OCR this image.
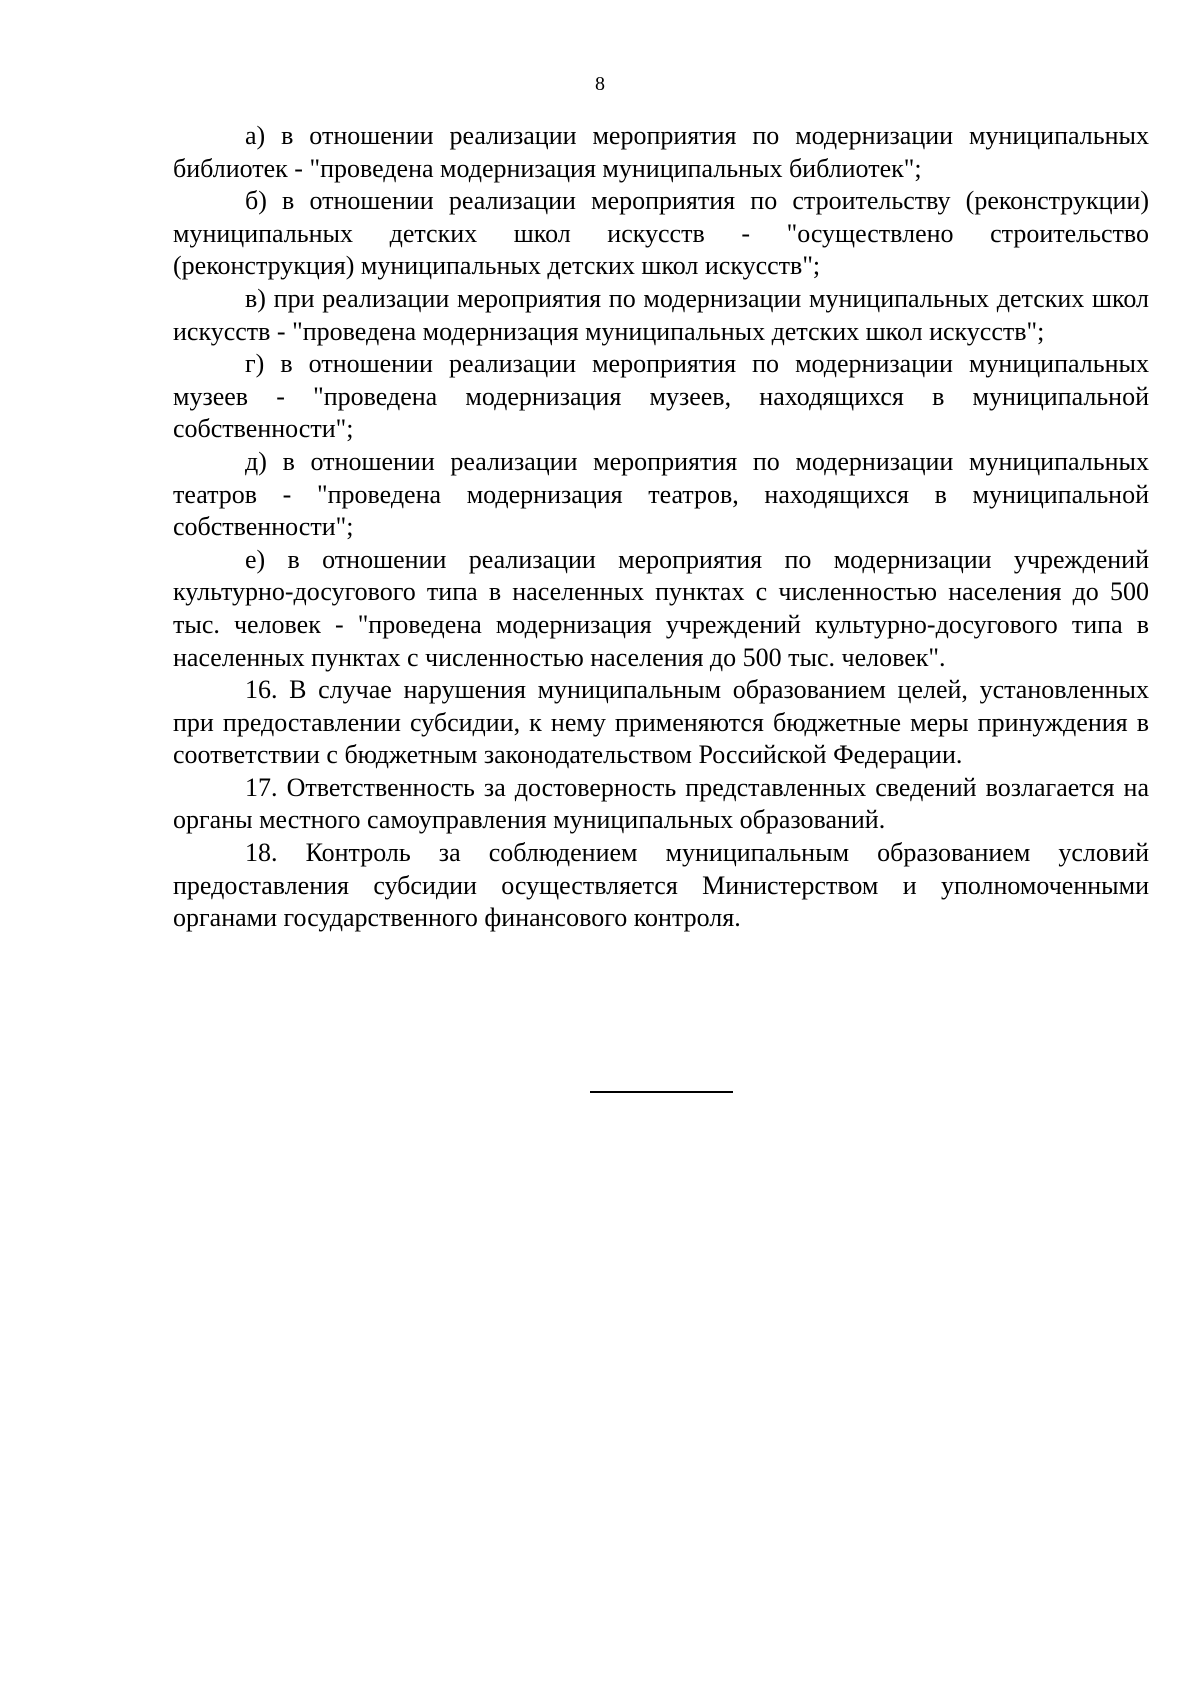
8

а) в отношении реализации мероприятия по модернизации муниципальных библиотек - "проведена модернизация муниципальных библиотек";

б) в отношении реализации мероприятия по строительству (реконструкции) муниципальных детских школ искусств - "осуществлено строительство (реконструкция) муниципальных детских школ искусств";

в) при реализации мероприятия по модернизации муниципальных детских школ искусств - "проведена модернизация муниципальных детских школ искусств";

г) в отношении реализации мероприятия по модернизации муниципальных музеев - "проведена модернизация музеев, находящихся в муниципальной собственности";

д) в отношении реализации мероприятия по модернизации муниципальных театров - "проведена модернизация театров, находящихся в муниципальной собственности";

е) в отношении реализации мероприятия по модернизации учреждений культурно-досугового типа в населенных пунктах с численностью населения до 500 тыс. человек - "проведена модернизация учреждений культурно-досугового типа в населенных пунктах с численностью населения до 500 тыс. человек".

16. В случае нарушения муниципальным образованием целей, установленных при предоставлении субсидии, к нему применяются бюджетные меры принуждения в соответствии с бюджетным законодательством Российской Федерации.

17. Ответственность за достоверность представленных сведений возлагается на органы местного самоуправления муниципальных образований.

18. Контроль за соблюдением муниципальным образованием условий предоставления субсидии осуществляется Министерством и уполномоченными органами государственного финансового контроля.
